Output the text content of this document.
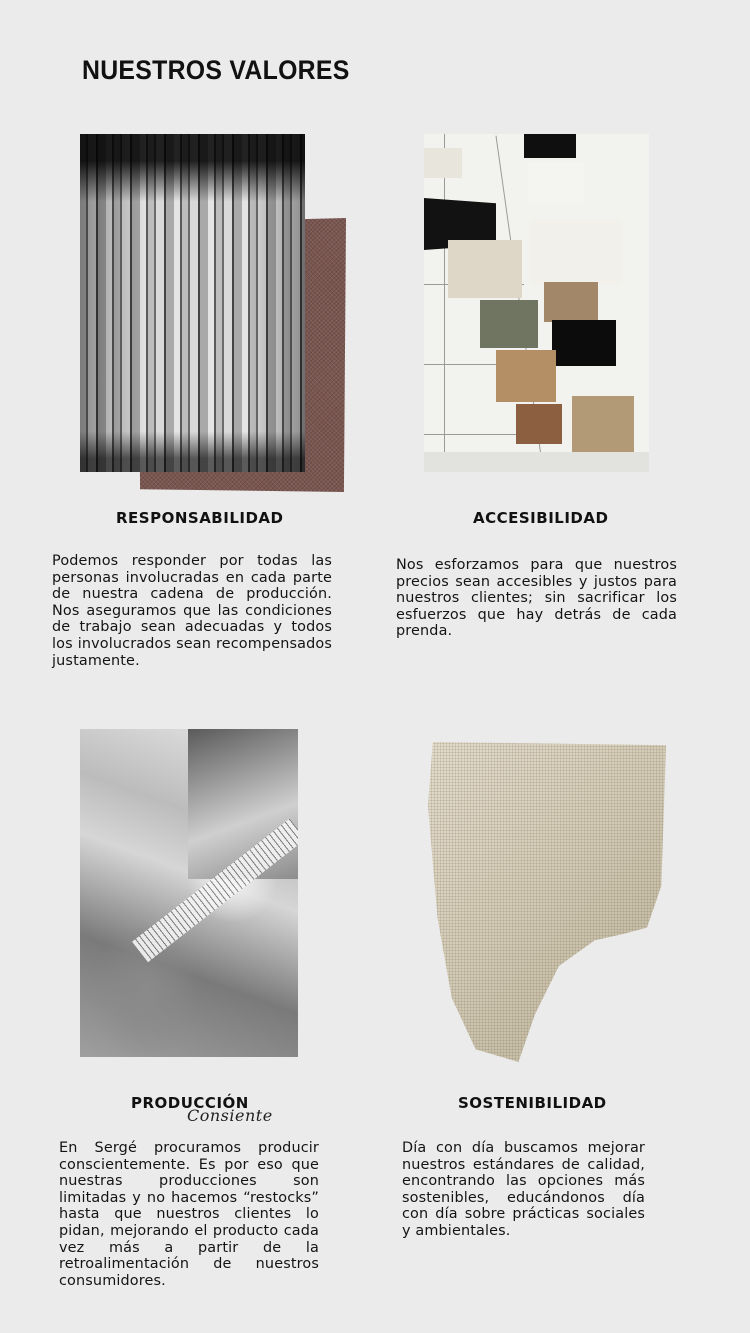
NUESTROS VALORES
RESPONSABILIDAD

Podemos responder por todas las personas involucradas en cada parte de nuestra cadena de producción. Nos aseguramos que las condiciones de trabajo sean adecuadas y todos los involucrados sean recompensados justamente.

ACCESIBILIDAD

Nos esforzamos para que nuestros precios sean accesibles y justos para nuestros clientes; sin sacrificar los esfuerzos que hay detrás de cada prenda.

PRODUCCIÓN
Consiente

En Sergé procuramos producir conscientemente. Es por eso que nuestras producciones son limitadas y no hacemos “restocks” hasta que nuestros clientes lo pidan, mejorando el producto cada vez más a partir de la retroalimentación de nuestros consumidores.

SOSTENIBILIDAD

Día con día buscamos mejorar nuestros estándares de calidad, encontrando las opciones más sostenibles, educándonos día con día sobre prácticas sociales y ambientales.
